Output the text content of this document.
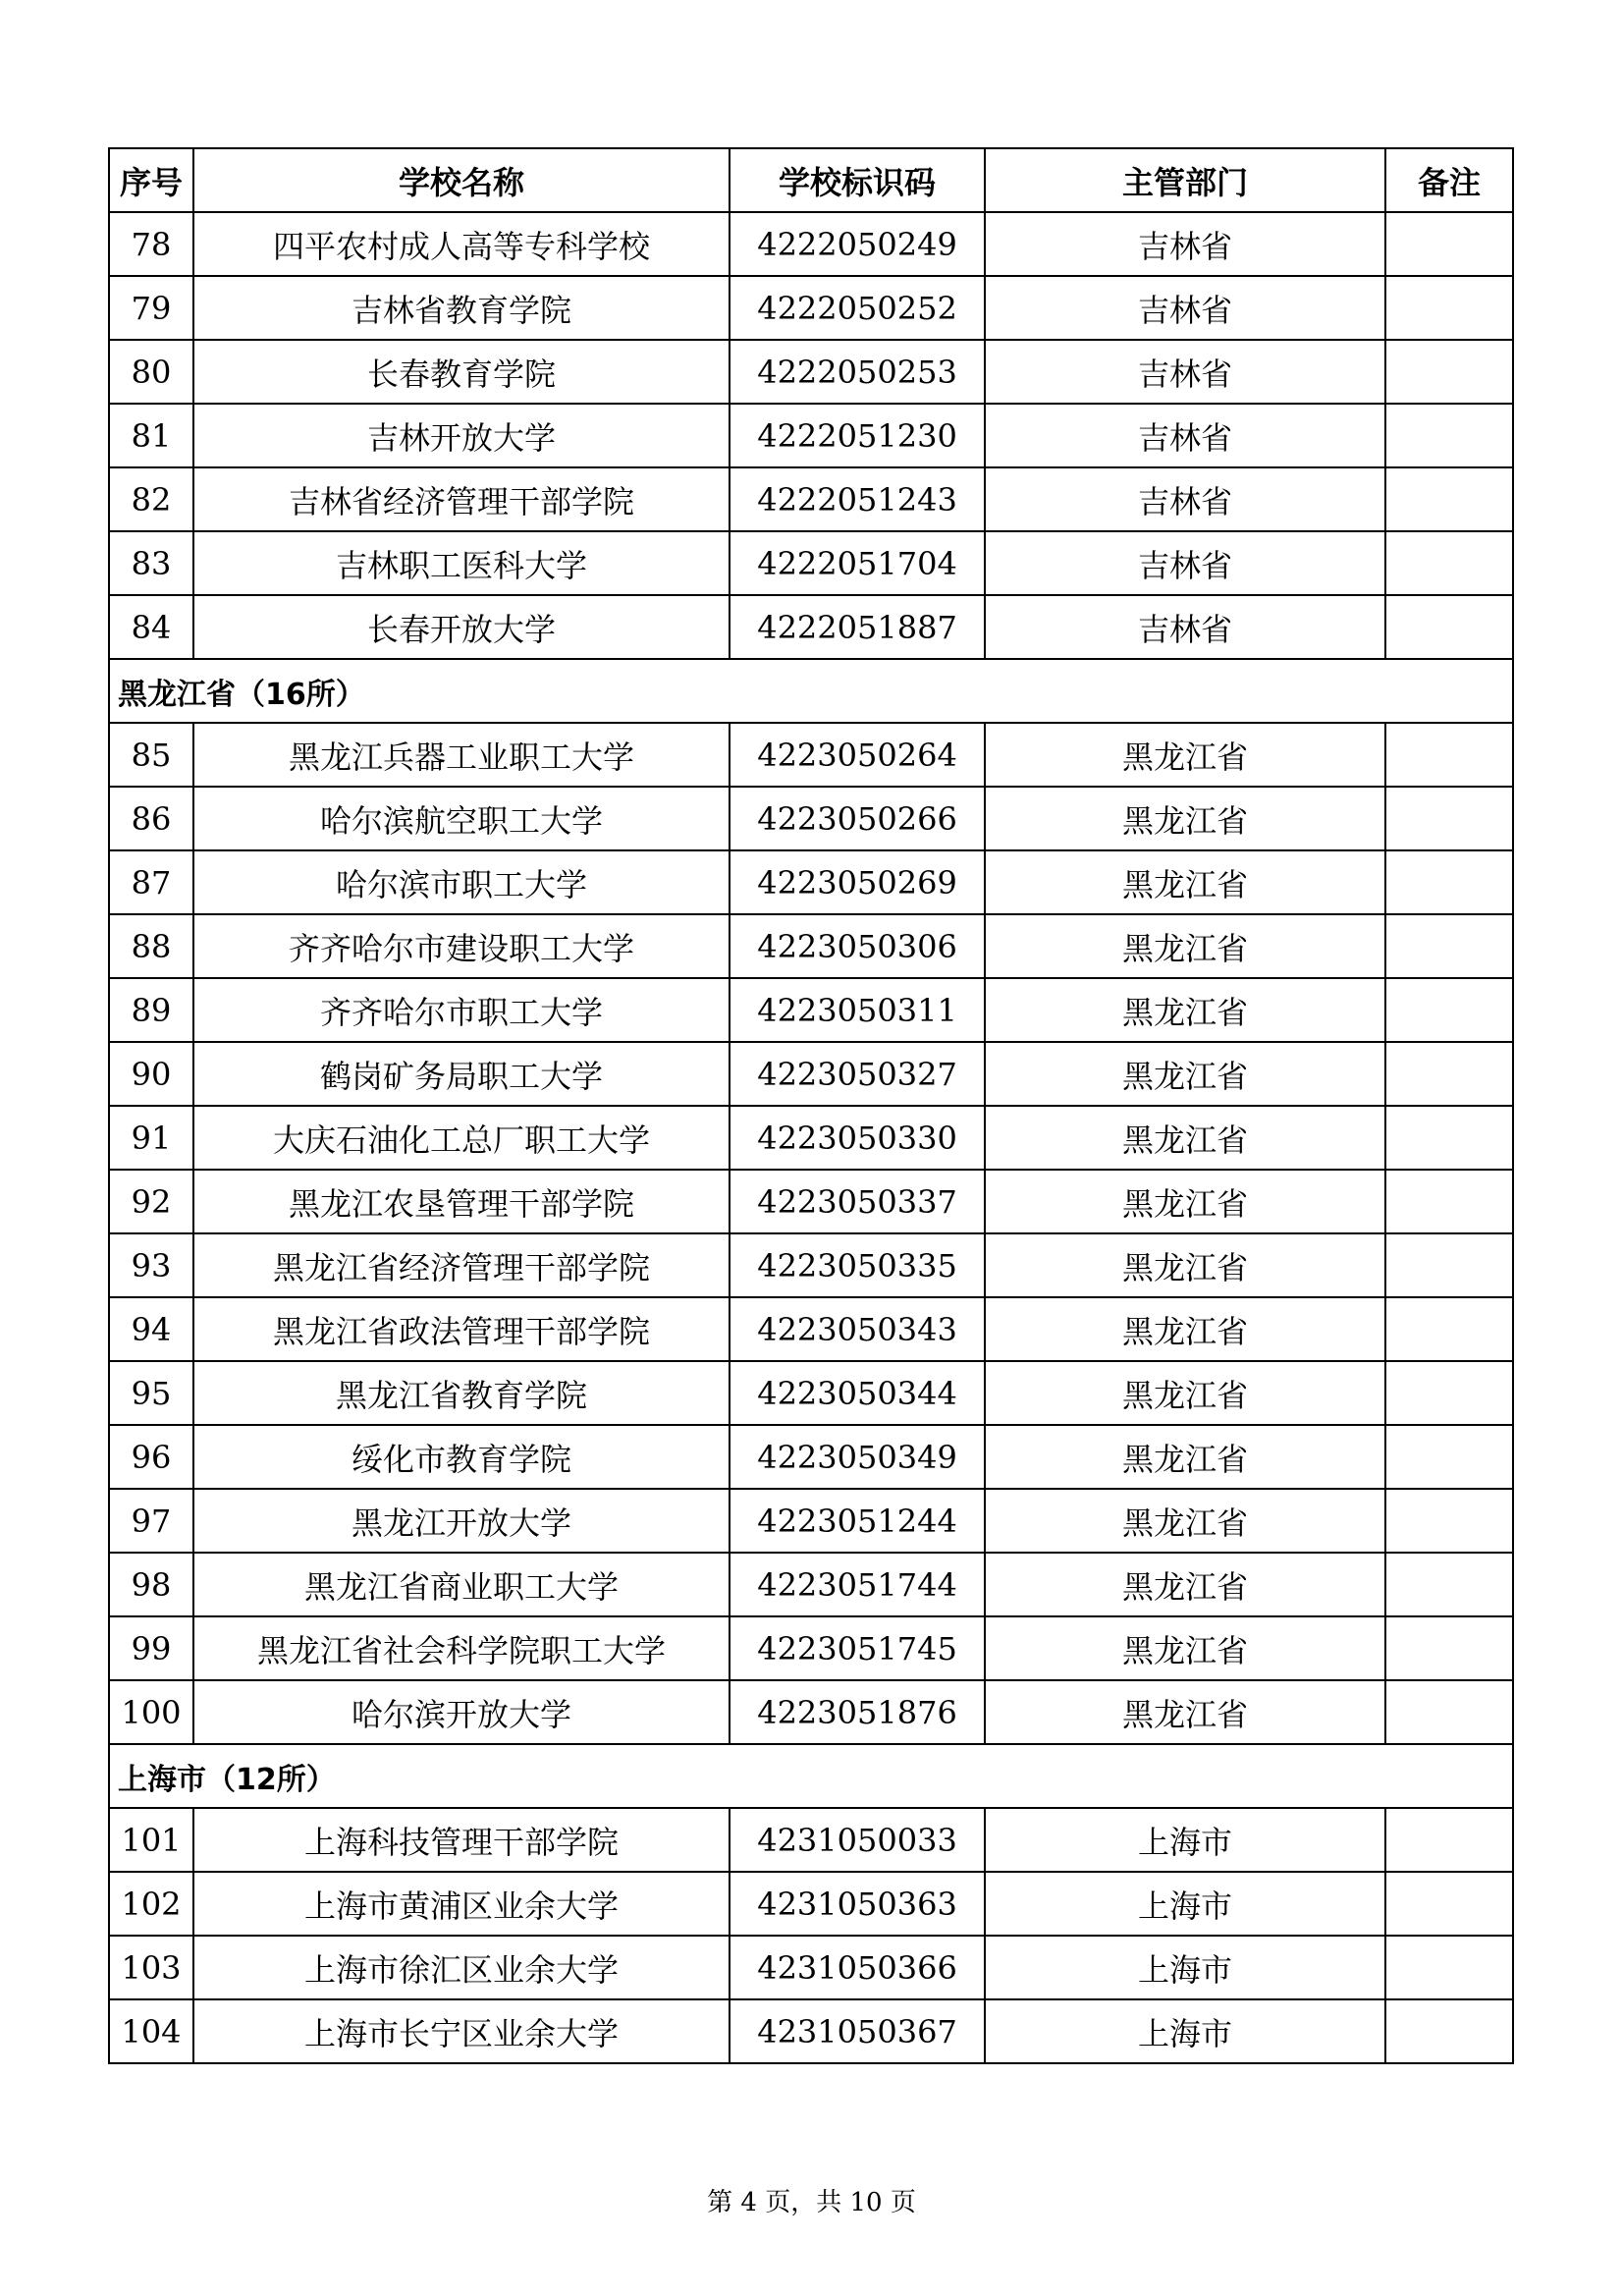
序号	学校名称	学校标识码	主管部门	备注
78	四平农村成人高等专科学校	4222050249	吉林省	
79	吉林省教育学院	4222050252	吉林省	
80	长春教育学院	4222050253	吉林省	
81	吉林开放大学	4222051230	吉林省	
82	吉林省经济管理干部学院	4222051243	吉林省	
83	吉林职工医科大学	4222051704	吉林省	
84	长春开放大学	4222051887	吉林省	
黑龙江省（16所）				
85	黑龙江兵器工业职工大学	4223050264	黑龙江省	
86	哈尔滨航空职工大学	4223050266	黑龙江省	
87	哈尔滨市职工大学	4223050269	黑龙江省	
88	齐齐哈尔市建设职工大学	4223050306	黑龙江省	
89	齐齐哈尔市职工大学	4223050311	黑龙江省	
90	鹤岗矿务局职工大学	4223050327	黑龙江省	
91	大庆石油化工总厂职工大学	4223050330	黑龙江省	
92	黑龙江农垦管理干部学院	4223050337	黑龙江省	
93	黑龙江省经济管理干部学院	4223050335	黑龙江省	
94	黑龙江省政法管理干部学院	4223050343	黑龙江省	
95	黑龙江省教育学院	4223050344	黑龙江省	
96	绥化市教育学院	4223050349	黑龙江省	
97	黑龙江开放大学	4223051244	黑龙江省	
98	黑龙江省商业职工大学	4223051744	黑龙江省	
99	黑龙江省社会科学院职工大学	4223051745	黑龙江省	
100	哈尔滨开放大学	4223051876	黑龙江省	
上海市（12所）				
101	上海科技管理干部学院	4231050033	上海市	
102	上海市黄浦区业余大学	4231050363	上海市	
103	上海市徐汇区业余大学	4231050366	上海市	
104	上海市长宁区业余大学	4231050367	上海市	
第 4 页，共 10 页
